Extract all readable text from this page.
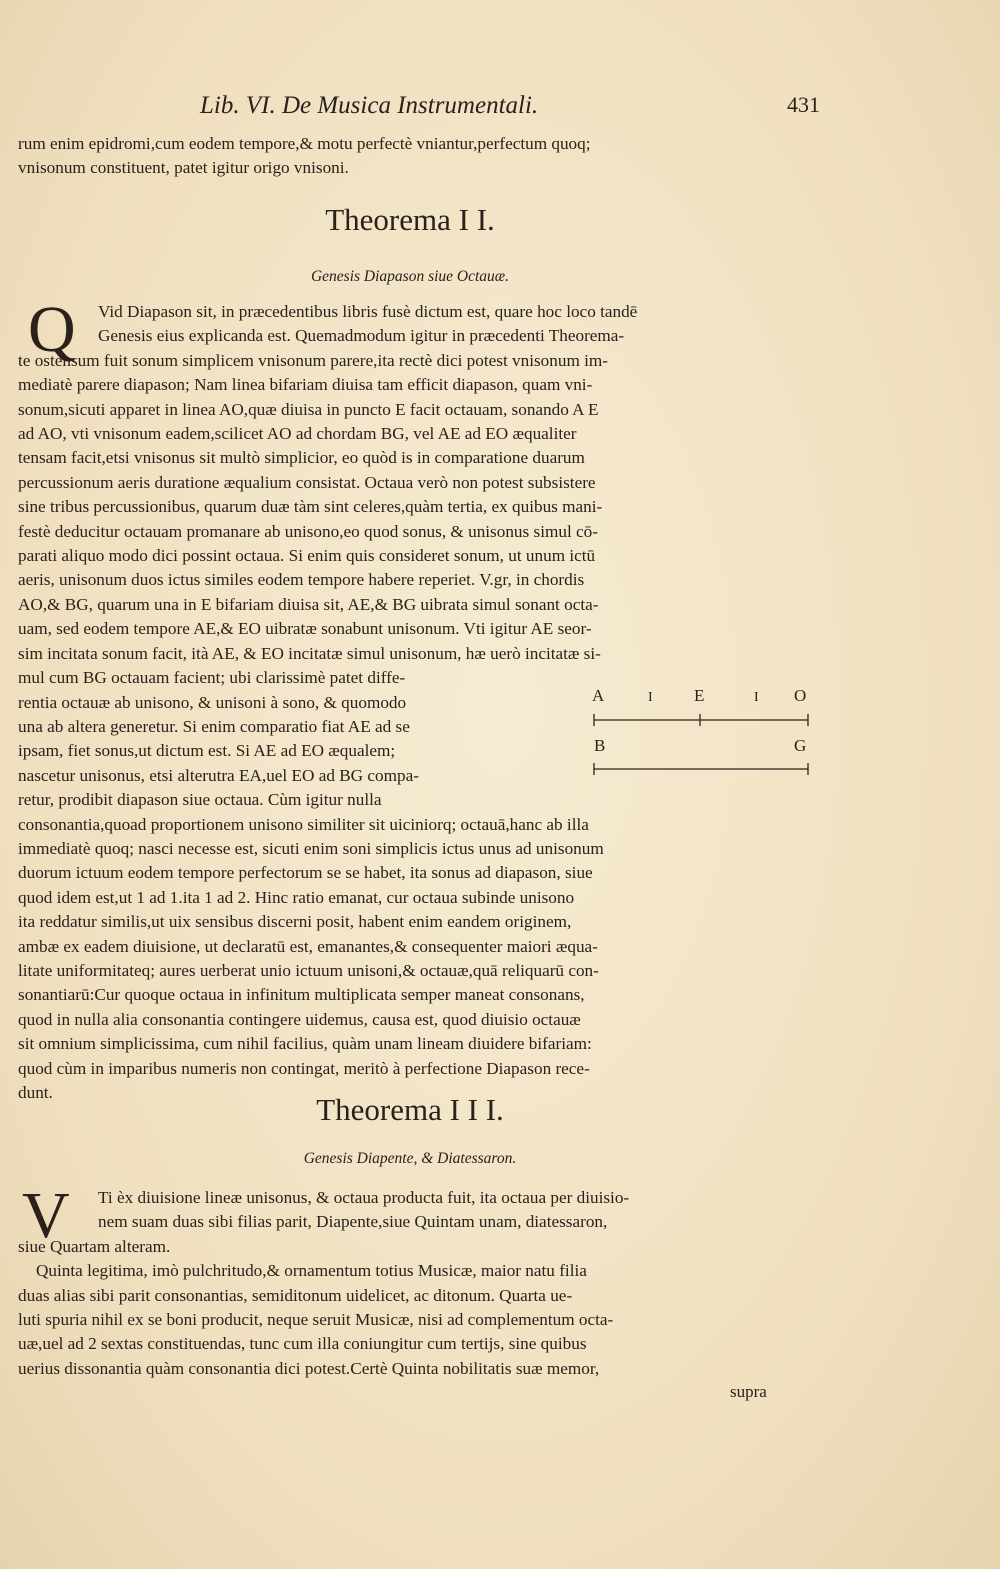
Lib. VI. De Musica Instrumentali.	431
rum enim epidromi,cum eodem tempore,& motu perfectè vniantur,perfectum quoq;
vnisonum constituent, patet igitur origo vnisoni.
Theorema I I.
Genesis Diapason siue Octauæ.
Q	Vid Diapason sit, in præcedentibus libris fusè dictum est, quare hoc loco tandē
Genesis eius explicanda est. Quemadmodum igitur in præcedenti Theorema-
te ostensum fuit sonum simplicem vnisonum parere,ita rectè dici potest vnisonum im-
mediatè parere diapason; Nam linea bifariam diuisa tam efficit diapason, quam vni-
sonum,sicuti apparet in linea AO,quæ diuisa in puncto E facit octauam, sonando A E
ad AO, vti vnisonum eadem,scilicet AO ad chordam BG, vel AE ad EO æqualiter
tensam facit,etsi vnisonus sit multò simplicior, eo quòd is in comparatione duarum
percussionum aeris duratione æqualium consistat. Octaua verò non potest subsistere
sine tribus percussionibus, quarum duæ tàm sint celeres,quàm tertia, ex quibus mani-
festè deducitur octauam promanare ab unisono,eo quod sonus, & unisonus simul cō-
parati aliquo modo dici possint octaua. Si enim quis consideret sonum, ut unum ictū
aeris, unisonum duos ictus similes eodem tempore habere reperiet. V.gr, in chordis
AO,& BG, quarum una in E bifariam diuisa sit, AE,& BG uibrata simul sonant octa-
uam, sed eodem tempore AE,& EO uibratæ sonabunt unisonum. Vti igitur AE seor-
sim incitata sonum facit, ità AE, & EO incitatæ simul unisonum, hæ uerò incitatæ si-
mul cum BG octauam facient; ubi clarissimè patet diffe-
rentia octauæ ab unisono, & unisoni à sono, & quomodo
una ab altera generetur. Si enim comparatio fiat AE ad se
ipsam, fiet sonus,ut dictum est. Si AE ad EO æqualem;
nascetur unisonus, etsi alterutra EA,uel EO ad BG compa-
retur, prodibit diapason siue octaua. Cùm igitur nulla
consonantia,quoad proportionem unisono similiter sit uiciniorq; octauā,hanc ab illa
immediatè quoq; nasci necesse est, sicuti enim soni simplicis ictus unus ad unisonum
duorum ictuum eodem tempore perfectorum se se habet, ita sonus ad diapason, siue
quod idem est,ut 1 ad 1.ita 1 ad 2. Hinc ratio emanat, cur octaua subinde unisono
ita reddatur similis,ut uix sensibus discerni posit, habent enim eandem originem,
ambæ ex eadem diuisione, ut declaratū est, emanantes,& consequenter maiori æqua-
litate uniformitateq; aures uerberat unio ictuum unisoni,& octauæ,quā reliquarū con-
sonantiarū:Cur quoque octaua in infinitum multiplicata semper maneat consonans,
quod in nulla alia consonantia contingere uidemus, causa est, quod diuisio octauæ
sit omnium simplicissima, cum nihil facilius, quàm unam lineam diuidere bifariam:
quod cùm in imparibus numeris non contingat, meritò à perfectione Diapason rece-
dunt.
A	I E	I O
B	G
Theorema I I I.
Genesis Diapente, & Diatessaron.
V	Ti èx diuisione lineæ unisonus, & octaua producta fuit, ita octaua per diuisio-
nem suam duas sibi filias parit, Diapente,siue Quintam unam, diatessaron,
siue Quartam alteram.
Quinta legitima, imò pulchritudo,& ornamentum totius Musicæ, maior natu filia
duas alias sibi parit consonantias, semiditonum uidelicet, ac ditonum. Quarta ue-
luti spuria nihil ex se boni producit, neque seruit Musicæ, nisi ad complementum octa-
uæ,uel ad 2 sextas constituendas, tunc cum illa coniungitur cum tertijs, sine quibus
uerius dissonantia quàm consonantia dici potest.Certè Quinta nobilitatis suæ memor,
supra
